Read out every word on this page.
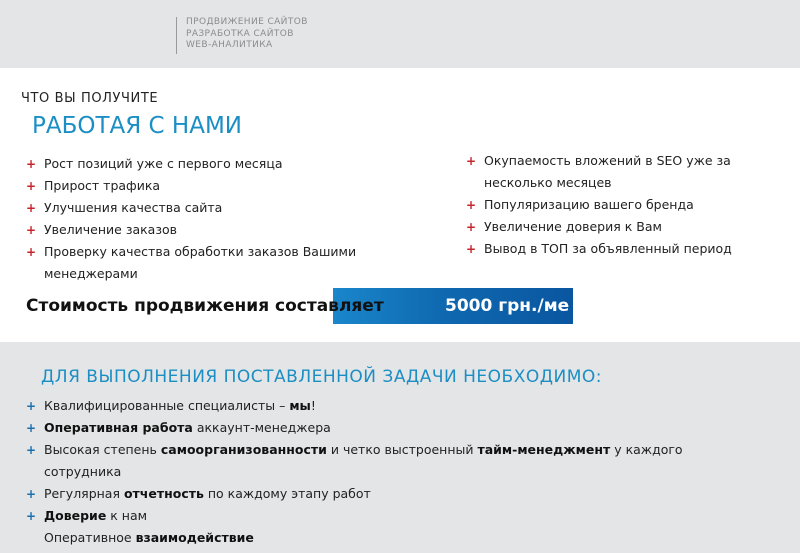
ПРОДВИЖЕНИЕ САЙТОВ
РАЗРАБОТКА САЙТОВ
WEB-АНАЛИТИКА
ЧТО ВЫ ПОЛУЧИТЕ
РАБОТАЯ С НАМИ
+ Рост позиций уже с первого месяца
+ Прирост трафика
+ Улучшения качества сайта
+ Увеличение заказов
+ Проверку качества обработки заказов Вашими менеджерами
+ Окупаемость вложений в SEO уже за несколько месяцев
+ Популяризацию вашего бренда
+ Увеличение доверия к Вам
+ Вывод в ТОП за объявленный период
5000 грн./ме
Стоимость продвижения составляет
ДЛЯ ВЫПОЛНЕНИЯ ПОСТАВЛЕННОЙ ЗАДАЧИ НЕОБХОДИМО:
+ Квалифицированные специалисты – мы!
+ Оперативная работа аккаунт-менеджера
+ Высокая степень самоорганизованности и четко выстроенный тайм-менеджмент у каждого сотрудника
+ Регулярная отчетность по каждому этапу работ
+ Доверие к нам
Оперативное взаимодействие
